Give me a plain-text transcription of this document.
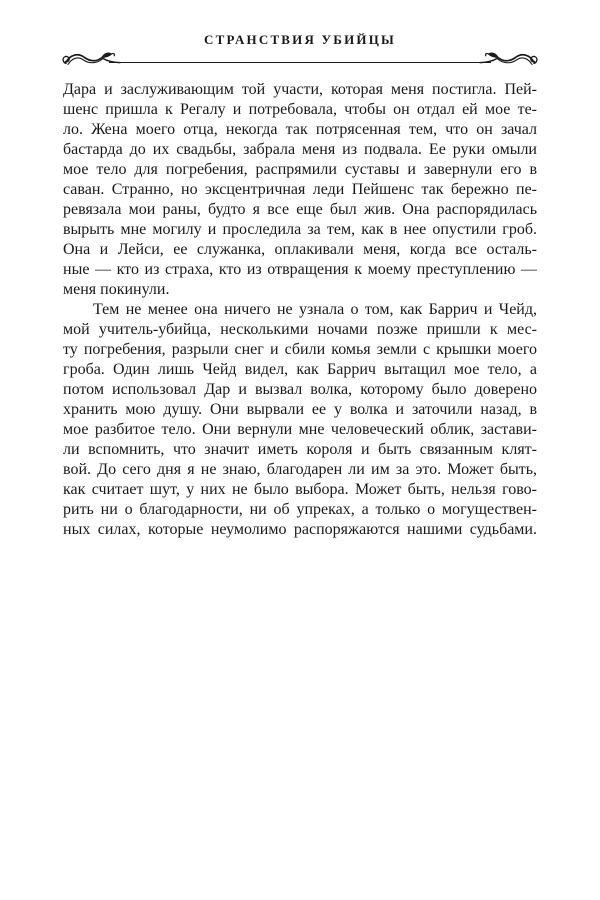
СТРАНСТВИЯ УБИЙЦЫ
Дара и заслуживающим той участи, которая меня постигла. Пей-
шенс пришла к Регалу и потребовала, чтобы он отдал ей мое те-
ло. Жена моего отца, некогда так потрясенная тем, что он зачал
бастарда до их свадьбы, забрала меня из подвала. Ее руки омыли
мое тело для погребения, распрямили суставы и завернули его в
саван. Странно, но эксцентричная леди Пейшенс так бережно пе-
ревязала мои раны, будто я все еще был жив. Она распорядилась
вырыть мне могилу и проследила за тем, как в нее опустили гроб.
Она и Лейси, ее служанка, оплакивали меня, когда все осталь-
ные — кто из страха, кто из отвращения к моему преступлению —
меня покинули.
Тем не менее она ничего не узнала о том, как Баррич и Чейд,
мой учитель-убийца, несколькими ночами позже пришли к мес-
ту погребения, разрыли снег и сбили комья земли с крышки моего
гроба. Один лишь Чейд видел, как Баррич вытащил мое тело, а
потом использовал Дар и вызвал волка, которому было доверено
хранить мою душу. Они вырвали ее у волка и заточили назад, в
мое разбитое тело. Они вернули мне человеческий облик, застави-
ли вспомнить, что значит иметь короля и быть связанным клят-
вой. До сего дня я не знаю, благодарен ли им за это. Может быть,
как считает шут, у них не было выбора. Может быть, нельзя гово-
рить ни о благодарности, ни об упреках, а только о могуществен-
ных силах, которые неумолимо распоряжаются нашими судьбами.
